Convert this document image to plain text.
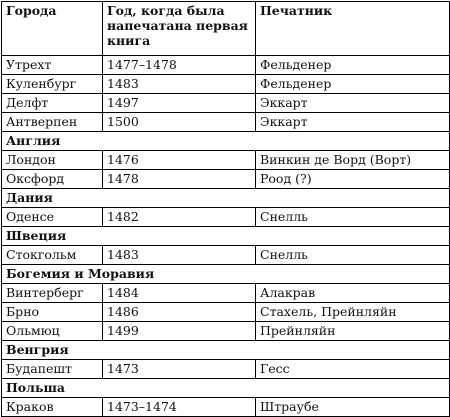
Города	Год, когда была напечатана первая книга	Печатник
Утрехт	1477–1478	Фельденер
Куленбург	1483	Фельденер
Делфт	1497	Эккарт
Антверпен	1500	Эккарт
Англия		
Лондон	1476	Винкин де Ворд (Ворт)
Оксфорд	1478	Роод (?)
Дания		
Оденсе	1482	Снелль
Швеция		
Стокгольм	1483	Снелль
Богемия и Моравия		
Винтерберг	1484	Алакрав
Брно	1486	Стахель, Прейнляйн
Ольмюц	1499	Прейнляйн
Венгрия		
Будапешт	1473	Гесс
Польша		
Краков	1473–1474	Штраубе
